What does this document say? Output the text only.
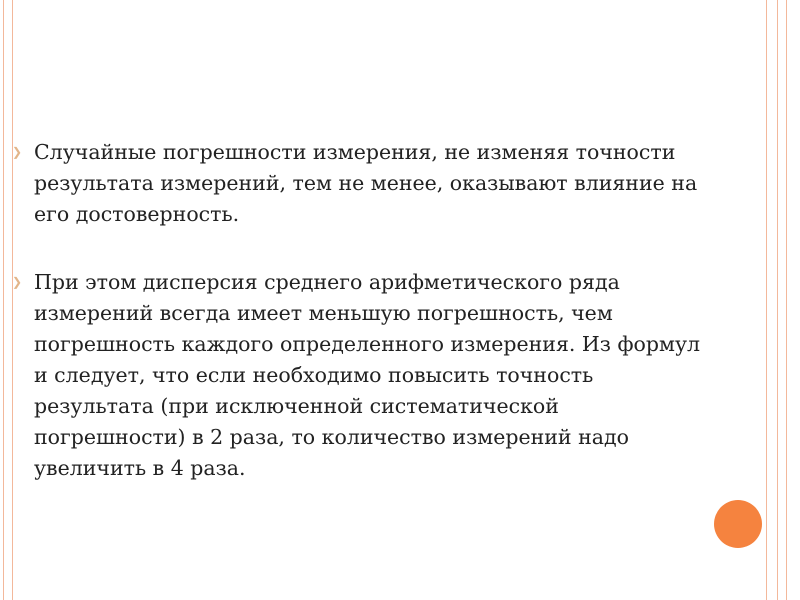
❯ Случайные погрешности измерения, не изменяя точности результата измерений, тем не менее, оказывают влияние на его достоверность.
❯ При этом дисперсия среднего арифметического ряда измерений всегда имеет меньшую погрешность, чем погрешность каждого определенного измерения. Из формул и следует, что если необходимо повысить точность результата (при исключенной систематической погрешности) в 2 раза, то количество измерений надо увеличить в 4 раза.
